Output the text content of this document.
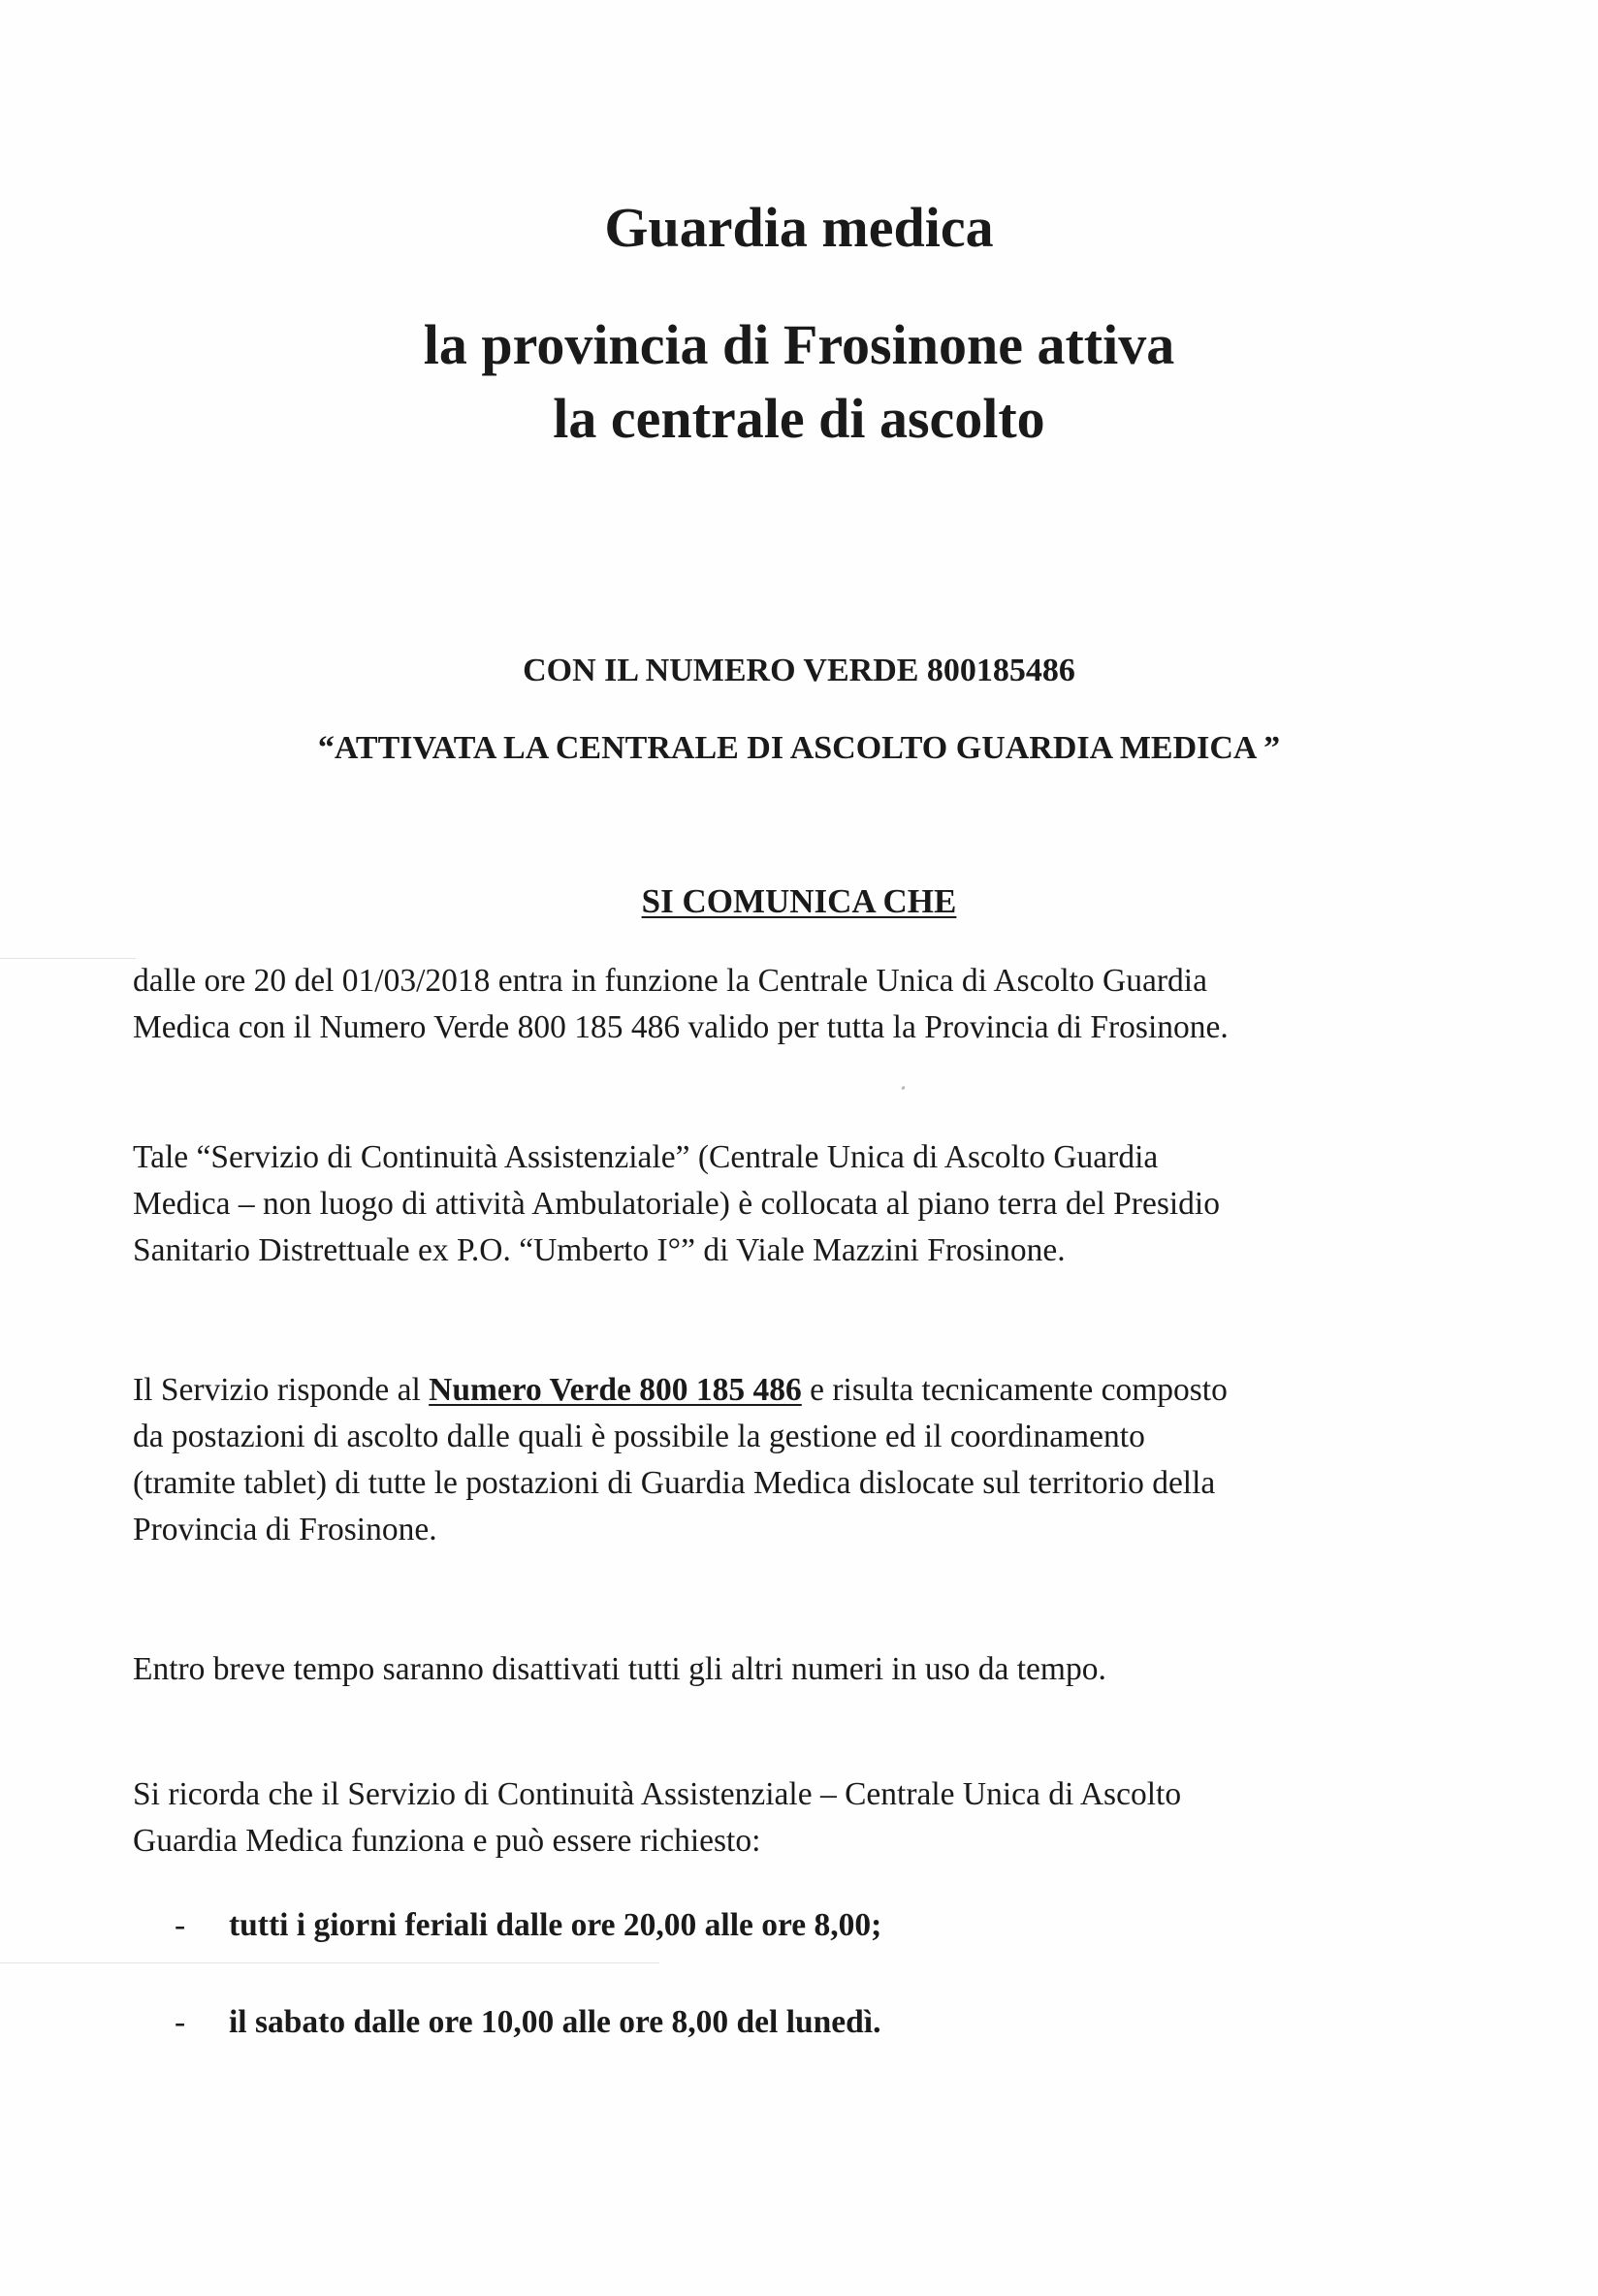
Guardia medica
la provincia di Frosinone attiva
la centrale di ascolto

CON IL NUMERO VERDE 800185486

“ATTIVATA LA CENTRALE DI ASCOLTO GUARDIA MEDICA ”

SI COMUNICA CHE

dalle ore 20 del 01/03/2018 entra in funzione la Centrale Unica di Ascolto Guardia
Medica con il Numero Verde 800 185 486 valido per tutta la Provincia di Frosinone.

Tale “Servizio di Continuità Assistenziale” (Centrale Unica di Ascolto Guardia
Medica – non luogo di attività Ambulatoriale) è collocata al piano terra del Presidio
Sanitario Distrettuale ex P.O. “Umberto I°” di Viale Mazzini Frosinone.

Il Servizio risponde al Numero Verde 800 185 486 e risulta tecnicamente composto
da postazioni di ascolto dalle quali è possibile la gestione ed il coordinamento
(tramite tablet) di tutte le postazioni di Guardia Medica dislocate sul territorio della
Provincia di Frosinone.

Entro breve tempo saranno disattivati tutti gli altri numeri in uso da tempo.

Si ricorda che il Servizio di Continuità Assistenziale – Centrale Unica di Ascolto
Guardia Medica funziona e può essere richiesto:

- tutti i giorni feriali dalle ore 20,00 alle ore 8,00;

- il sabato dalle ore 10,00 alle ore 8,00 del lunedì.
